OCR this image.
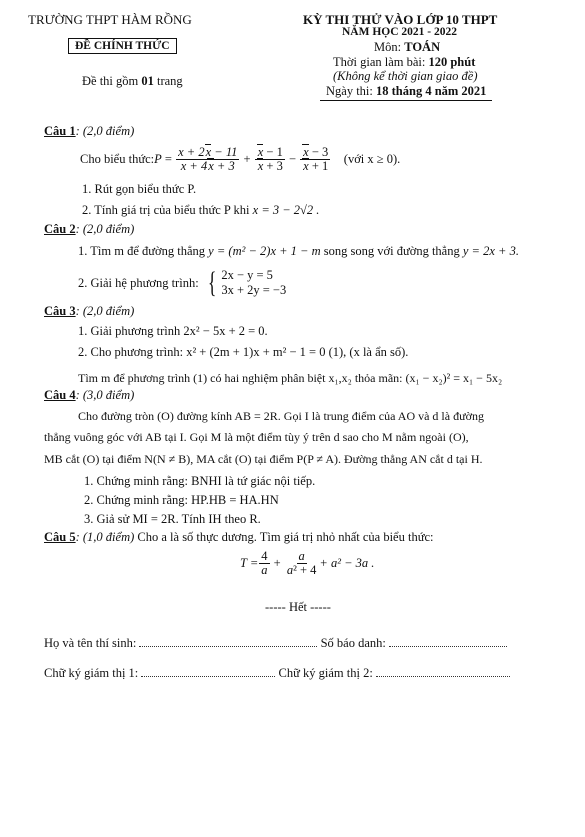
TRƯỜNG THPT HÀM RỒNG
ĐỀ CHÍNH THỨC
Đề thi gồm 01 trang
KỲ THI THỬ VÀO LỚP 10 THPT
NĂM HỌC 2021 - 2022
Môn: TOÁN
Thời gian làm bài: 120 phút
(Không kể thời gian giao đề)
Ngày thi: 18 tháng 4 năm 2021
Câu 1: (2,0 điểm)
Cho biểu thức: $P = \frac{x + 2x - 11}{x + 4x + 3} + \frac{x - 1}{x + 3} - \frac{x - 3}{x + 1}$
(với x ≥ 0).
1. Rút gọn biểu thức P.
2. Tính giá trị của biểu thức P khi x = 3 − 2√2 .
Câu 2: (2,0 điểm)
1. Tìm m để đường thẳng y = (m² − 2)x + 1 − m song song với đường thẳng y = 2x + 3.
2. Giải hệ phương trình:
{ 2x − y = 5
3x + 2y = −3
Câu 3: (2,0 điểm)
1. Giải phương trình 2x² − 5x + 2 = 0.
2. Cho phương trình: x² + (2m + 1)x + m² − 1 = 0 (1), (x là ẩn số).
Tìm m để phương trình (1) có hai nghiệm phân biệt x₁,x₂ thỏa mãn: (x₁ − x₂)² = x₁ − 5x₂
Câu 4: (3,0 điểm)
Cho đường tròn (O) đường kính AB = 2R. Gọi I là trung điểm của AO và d là đường
thẳng vuông góc với AB tại I. Gọi M là một điểm tùy ý trên d sao cho M nằm ngoài (O),
MB cắt (O) tại điểm N(N ≠ B), MA cắt (O) tại điểm P(P ≠ A). Đường thẳng AN cắt d tại H.
1. Chứng minh rằng: BNHI là tứ giác nội tiếp.
2. Chứng minh rằng: HP.HB = HA.HN
3. Giả sử MI = 2R. Tính IH theo R.
Câu 5: (1,0 điểm) Cho a là số thực dương. Tìm giá trị nhỏ nhất của biểu thức:
$T = \frac{4}{a} + \frac{a}{\text{a² + 4}} + a^2 - 3a$ .
----- Hết -----
Họ và tên thí sinh:	Số báo danh:
Chữ ký giám thị 1:	Chữ ký giám thị 2:
